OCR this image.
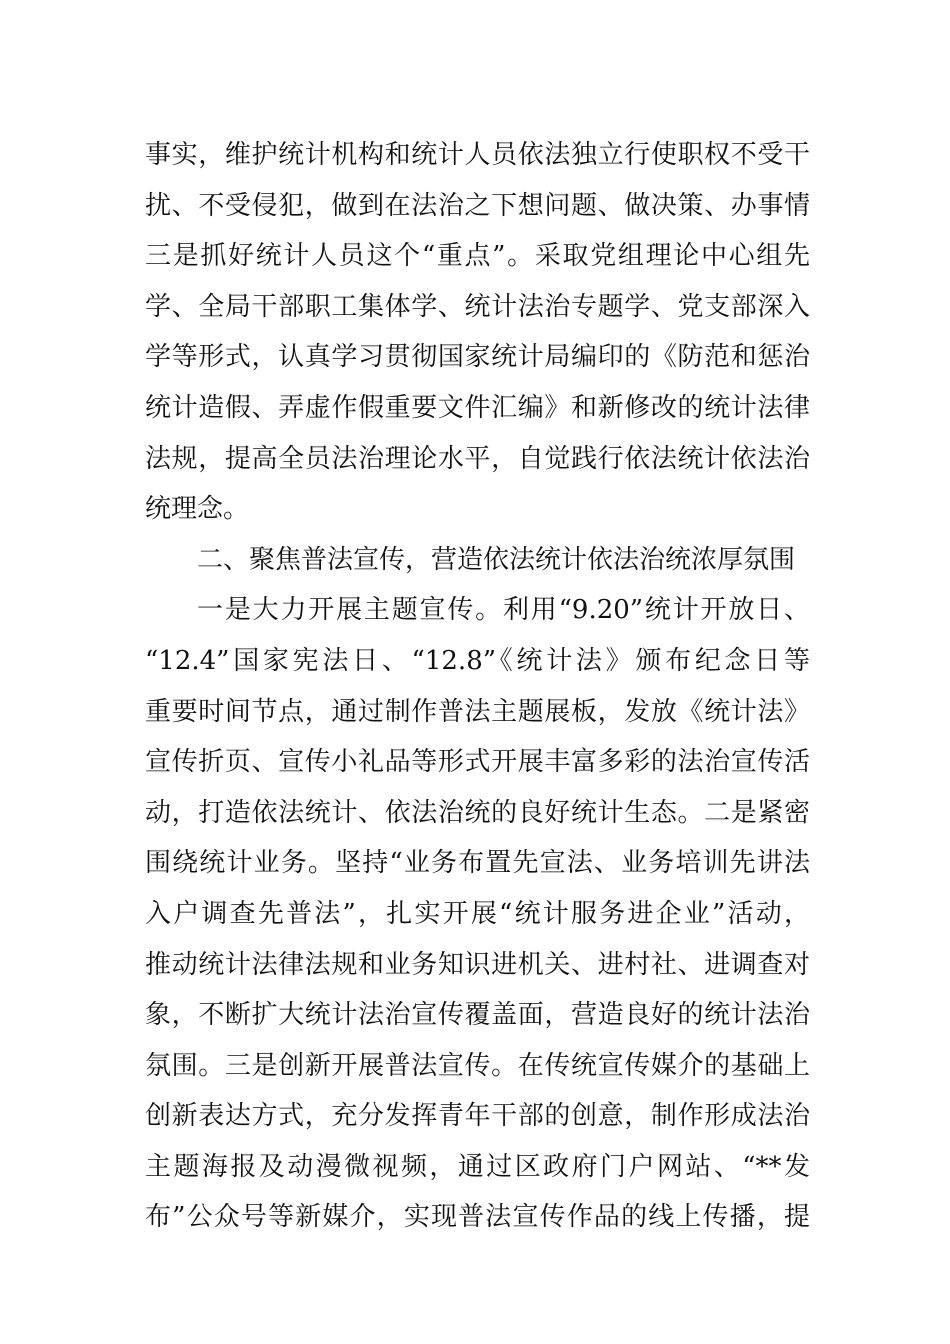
事实，维护统计机构和统计人员依法独立行使职权不受干
扰、不受侵犯，做到在法治之下想问题、做决策、办事情
三是抓好统计人员这个“重点”。采取党组理论中心组先
学、全局干部职工集体学、统计法治专题学、党支部深入
学等形式，认真学习贯彻国家统计局编印的《防范和惩治
统计造假、弄虚作假重要文件汇编》和新修改的统计法律
法规，提高全员法治理论水平，自觉践行依法统计依法治
统理念。
二、聚焦普法宣传，营造依法统计依法治统浓厚氛围
一是大力开展主题宣传。利用“9.20”统计开放日、
“12.4”国家宪法日、“12.8”《统计法》颁布纪念日等
重要时间节点，通过制作普法主题展板，发放《统计法》
宣传折页、宣传小礼品等形式开展丰富多彩的法治宣传活
动，打造依法统计、依法治统的良好统计生态。二是紧密
围绕统计业务。坚持“业务布置先宣法、业务培训先讲法
入户调查先普法”，扎实开展“统计服务进企业”活动，
推动统计法律法规和业务知识进机关、进村社、进调查对
象，不断扩大统计法治宣传覆盖面，营造良好的统计法治
氛围。三是创新开展普法宣传。在传统宣传媒介的基础上
创新表达方式，充分发挥青年干部的创意，制作形成法治
主题海报及动漫微视频，通过区政府门户网站、“**发
布”公众号等新媒介，实现普法宣传作品的线上传播，提
